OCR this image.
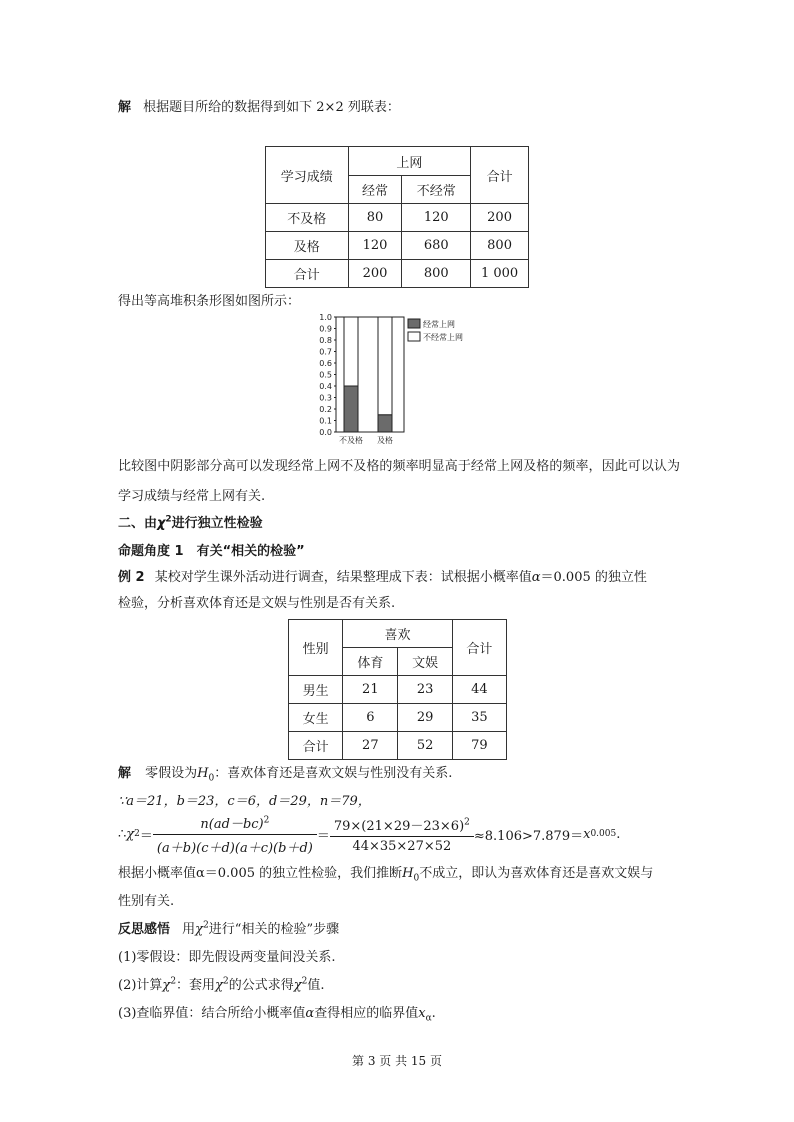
解 根据题目所给的数据得到如下 2×2 列联表：
学习成绩	上网		合计
	经常	不经常	
不及格	80	120	200
及格	120	680	800
合计	200	800	1 000
得出等高堆积条形图如图所示：
0.0
0.1
0.2
0.3
0.4
0.5
0.6
0.7
0.8
0.9
1.0
不及格 及格
经常上网
不经常上网
比较图中阴影部分高可以发现经常上网不及格的频率明显高于经常上网及格的频率，因此可以认为学习成绩与经常上网有关.
二、由$\chi^2$进行独立性检验
命题角度 1　有关“相关的检验”
例 2 某校对学生课外活动进行调查，结果整理成下表：试根据小概率值α＝0.005 的独立性
检验，分析喜欢体育还是文娱与性别是否有关系.
性别	喜欢		合计
	体育	文娱	
男生	21	23	44
女生	6	29	35
合计	27	52	79
解 零假设为$H_0$：喜欢体育还是喜欢文娱与性别没有关系.
∵a＝21，b＝23，c＝6，d＝29，n＝79，
∴ χ $2 = \frac{n(ad-bc)^2}{(a+b)(c+d)(a+c)(b+d)} = \frac{79\times(21\times 29-23\times 6)^2}{44\times 35\times 27\times 52} \approx 8.106>7.879= x$ 0.005 .
根据小概率值α＝0.005 的独立性检验，我们推断$H_0$不成立，即认为喜欢体育还是喜欢文娱与
性别有关.
反思感悟 用$\chi^2$进行“相关的检验”步骤
(1)零假设：即先假设两变量间没关系.
(2)计算$\chi^2$：套用$\chi^2$的公式求得$\chi^2$值.
(3)查临界值：结合所给小概率值α查得相应的临界值$x_\alpha$.
第 3 页 共 15 页
